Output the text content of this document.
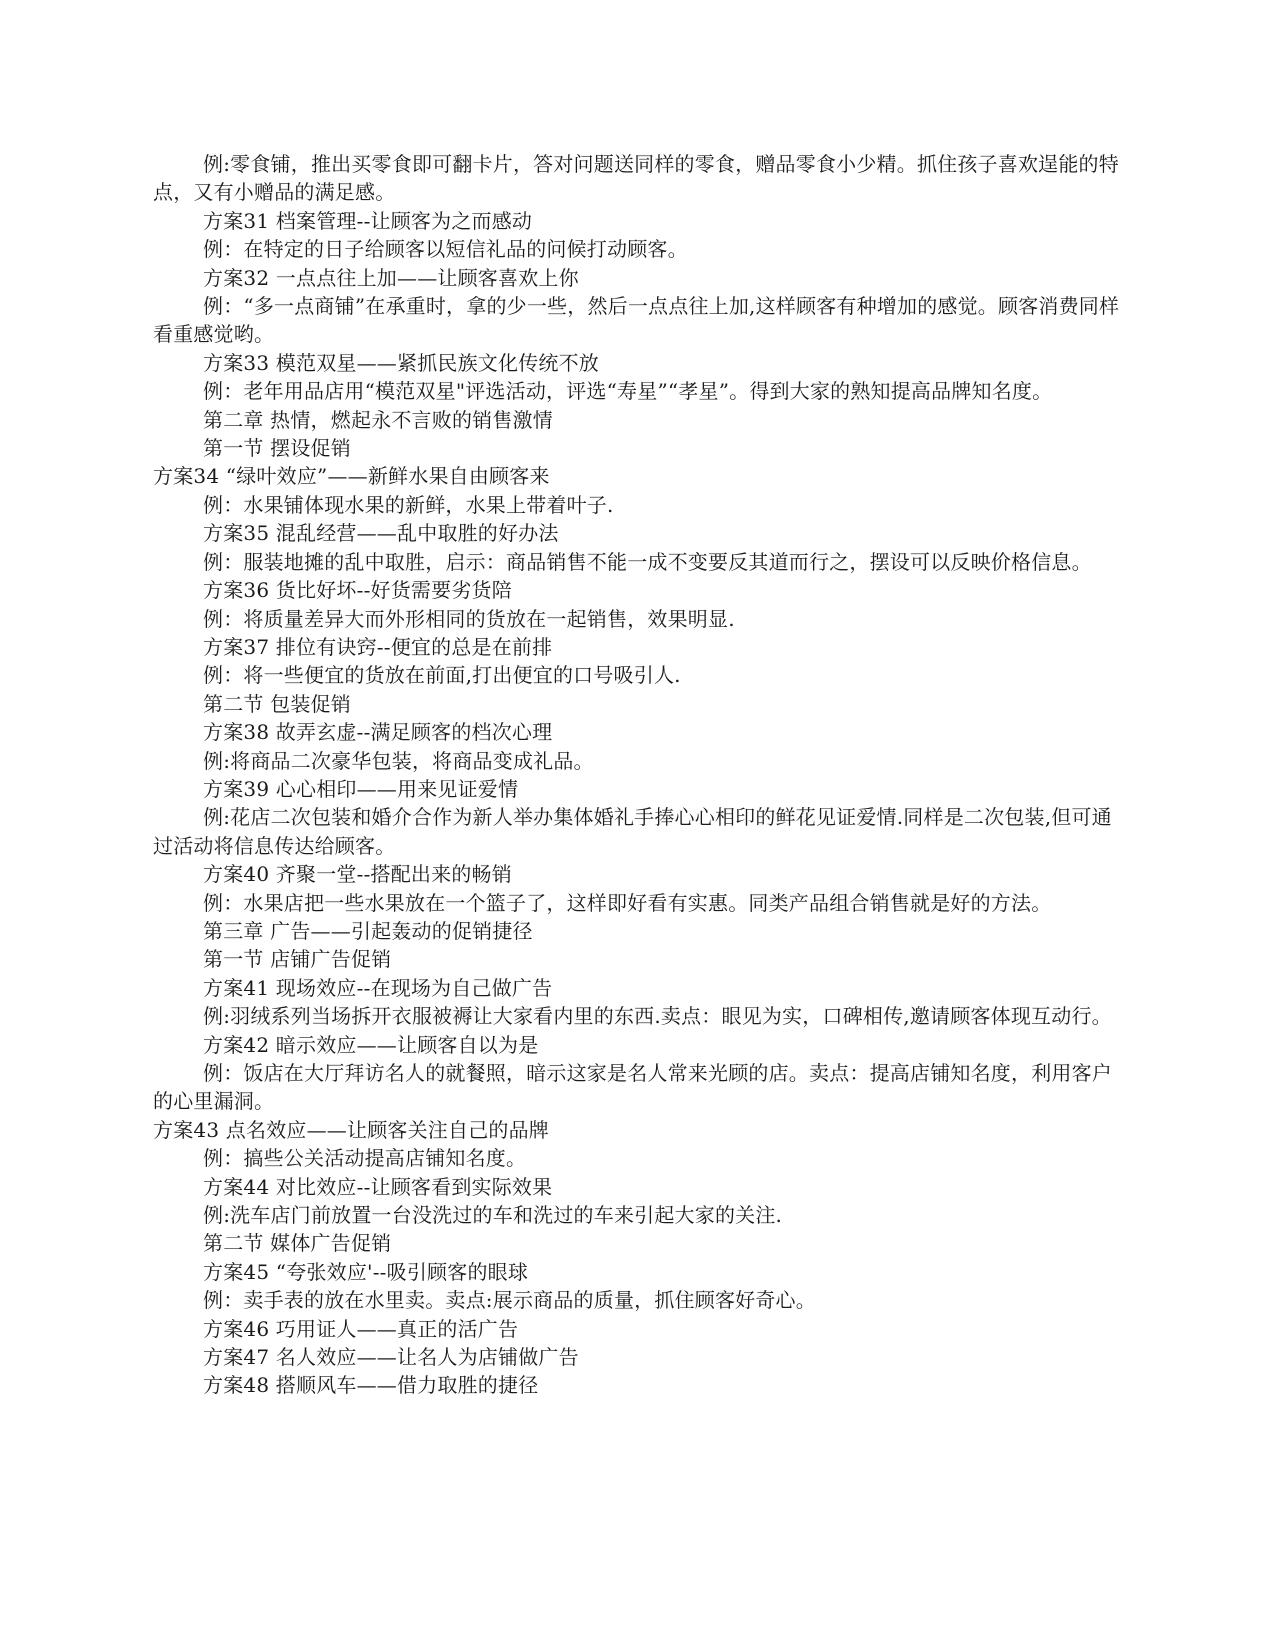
例:零食铺，推出买零食即可翻卡片，答对问题送同样的零食，赠品零食小少精。抓住孩子喜欢逞能的特点，又有小赠品的满足感。

方案31 档案管理--让顾客为之而感动

例：在特定的日子给顾客以短信礼品的问候打动顾客。

方案32 一点点往上加——让顾客喜欢上你

例：“多一点商铺”在承重时，拿的少一些，然后一点点往上加,这样顾客有种增加的感觉。顾客消费同样看重感觉哟。

方案33 模范双星——紧抓民族文化传统不放

例：老年用品店用“模范双星"评选活动，评选“寿星”“孝星”。得到大家的熟知提高品牌知名度。

第二章 热情，燃起永不言败的销售激情

第一节 摆设促销

方案34 “绿叶效应”——新鲜水果自由顾客来

例：水果铺体现水果的新鲜，水果上带着叶子.

方案35 混乱经营——乱中取胜的好办法

例：服装地摊的乱中取胜，启示：商品销售不能一成不变要反其道而行之，摆设可以反映价格信息。

方案36 货比好坏--好货需要劣货陪

例：将质量差异大而外形相同的货放在一起销售，效果明显.

方案37 排位有诀窍--便宜的总是在前排

例：将一些便宜的货放在前面,打出便宜的口号吸引人.

第二节 包装促销

方案38 故弄玄虚--满足顾客的档次心理

例:将商品二次豪华包装，将商品变成礼品。

方案39 心心相印——用来见证爱情

例:花店二次包装和婚介合作为新人举办集体婚礼手捧心心相印的鲜花见证爱情.同样是二次包装,但可通过活动将信息传达给顾客。

方案40 齐聚一堂--搭配出来的畅销

例：水果店把一些水果放在一个篮子了，这样即好看有实惠。同类产品组合销售就是好的方法。

第三章 广告——引起轰动的促销捷径

第一节 店铺广告促销

方案41 现场效应--在现场为自己做广告

例:羽绒系列当场拆开衣服被褥让大家看内里的东西.卖点：眼见为实，口碑相传,邀请顾客体现互动行。

方案42 暗示效应——让顾客自以为是

例：饭店在大厅拜访名人的就餐照，暗示这家是名人常来光顾的店。卖点：提高店铺知名度，利用客户的心里漏洞。

方案43 点名效应——让顾客关注自己的品牌

例：搞些公关活动提高店铺知名度。

方案44 对比效应--让顾客看到实际效果

例:洗车店门前放置一台没洗过的车和洗过的车来引起大家的关注.

第二节 媒体广告促销

方案45 “夸张效应'--吸引顾客的眼球

例：卖手表的放在水里卖。卖点:展示商品的质量，抓住顾客好奇心。

方案46 巧用证人——真正的活广告

方案47 名人效应——让名人为店铺做广告

方案48 搭顺风车——借力取胜的捷径
